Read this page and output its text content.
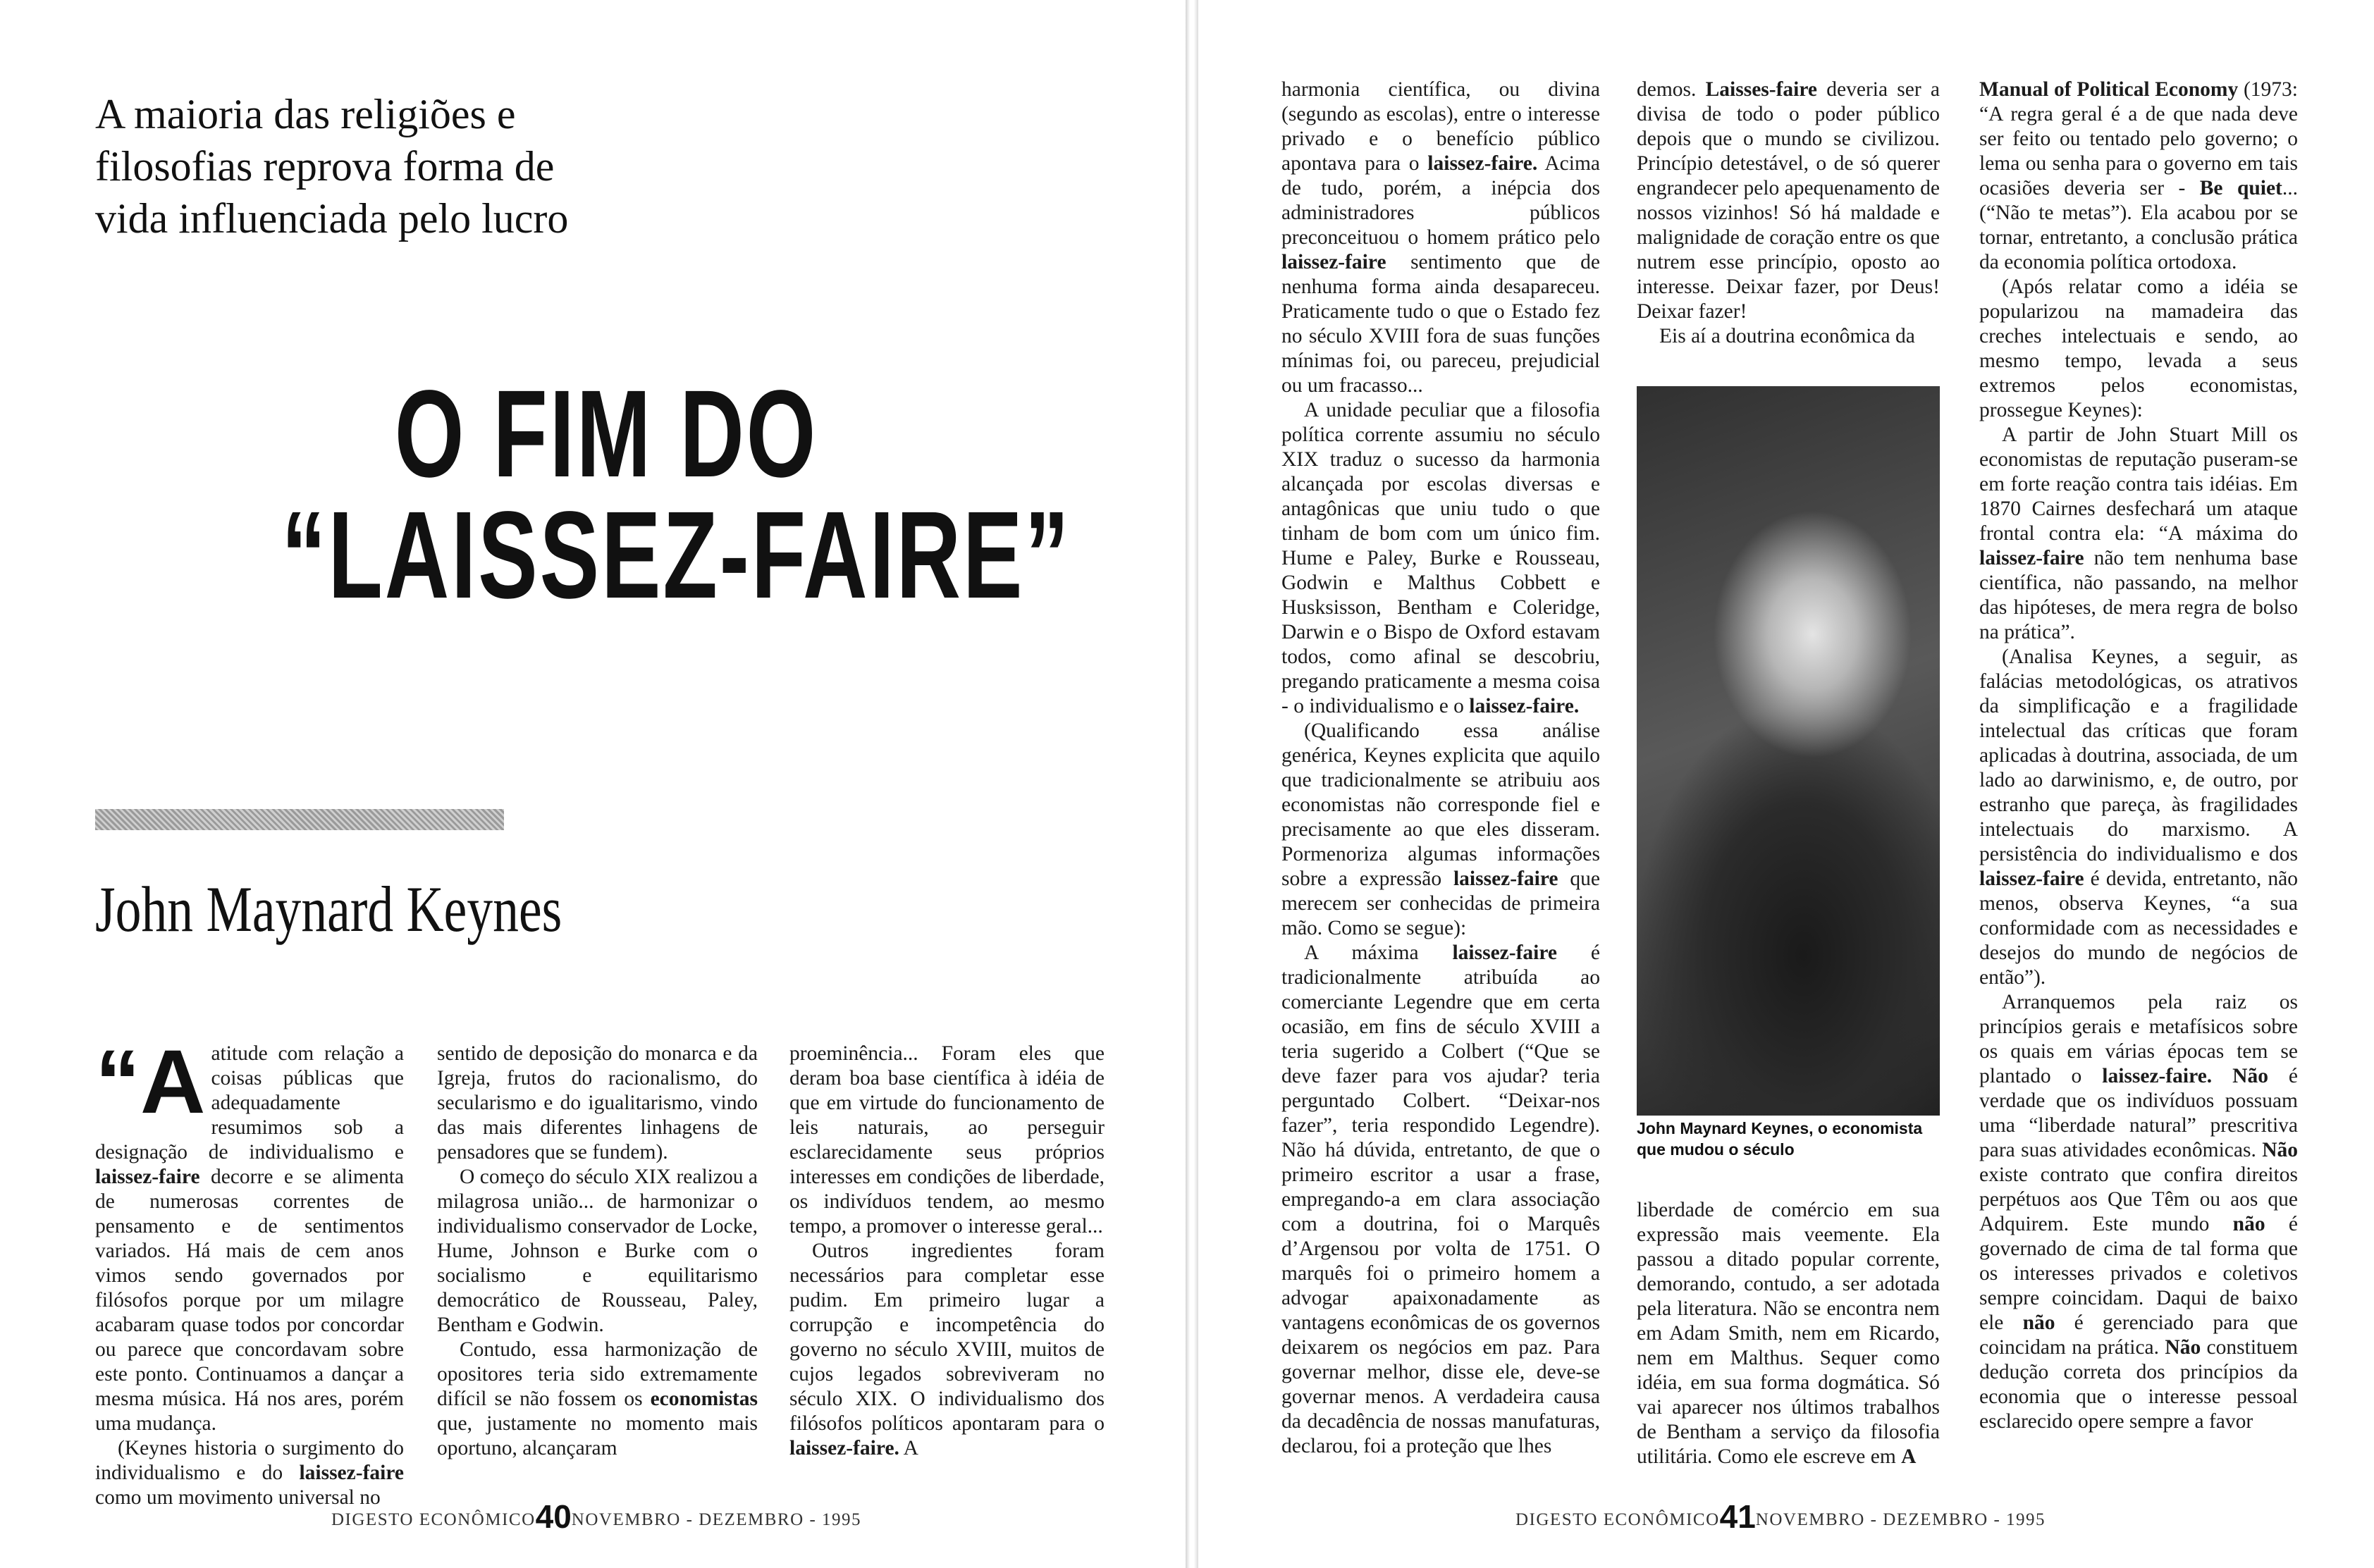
A maioria das religiões e filosofias reprova forma de vida influenciada pelo lucro
O FIM DO
“LAISSEZ-FAIRE”
John Maynard Keynes

“Aatitude com relação a coisas públicas que adequadamente resumimos sob a designação de individualismo e laissez-faire decorre e se alimenta de numerosas correntes de pensamento e de sentimentos variados. Há mais de cem anos vimos sendo governados por filósofos porque por um milagre acabaram quase todos por concordar ou parece que concordavam sobre este ponto. Continuamos a dançar a mesma música. Há nos ares, porém uma mudança.

(Keynes historia o surgimento do individualismo e do laissez-faire como um movimento universal no

sentido de deposição do monarca e da Igreja, frutos do racionalismo, do secularismo e do igualitarismo, vindo das mais diferentes linhagens de pensadores que se fundem).

O começo do século XIX realizou a milagrosa união... de harmonizar o individualismo conservador de Locke, Hume, Johnson e Burke com o socialismo e equilitarismo democrático de Rousseau, Paley, Bentham e Godwin.

Contudo, essa harmonização de opositores teria sido extremamente difícil se não fossem os economistas que, justamente no momento mais oportuno, alcançaram

proeminência... Foram eles que deram boa base científica à idéia de que em virtude do funcionamento de leis naturais, ao perseguir esclarecidamente seus próprios interesses em condições de liberdade, os indivíduos tendem, ao mesmo tempo, a promover o interesse geral...

Outros ingredientes foram necessários para completar esse pudim. Em primeiro lugar a corrupção e incompetência do governo no século XVIII, muitos de cujos legados sobreviveram no século XIX. O individualismo dos filósofos políticos apontaram para o laissez-faire. A

DIGESTO ECONÔMICO40NOVEMBRO - DEZEMBRO - 1995

harmonia científica, ou divina (segundo as escolas), entre o interesse privado e o benefício público apontava para o laissez-faire. Acima de tudo, porém, a inépcia dos administradores públicos preconceituou o homem prático pelo laissez-faire sentimento que de nenhuma forma ainda desapareceu. Praticamente tudo o que o Estado fez no século XVIII fora de suas funções mínimas foi, ou pareceu, prejudicial ou um fracasso...

A unidade peculiar que a filosofia política corrente assumiu no século XIX traduz o sucesso da harmonia alcançada por escolas diversas e antagônicas que uniu tudo o que tinham de bom com um único fim. Hume e Paley, Burke e Rousseau, Godwin e Malthus Cobbett e Husksisson, Bentham e Coleridge, Darwin e o Bispo de Oxford estavam todos, como afinal se descobriu, pregando praticamente a mesma coisa - o individualismo e o laissez-faire.

(Qualificando essa análise genérica, Keynes explicita que aquilo que tradicionalmente se atribuiu aos economistas não corresponde fiel e precisamente ao que eles disseram. Pormenoriza algumas informações sobre a expressão laissez-faire que merecem ser conhecidas de primeira mão. Como se segue):

A máxima laissez-faire é tradicionalmente atribuída ao comerciante Legendre que em certa ocasião, em fins de século XVIII a teria sugerido a Colbert (“Que se deve fazer para vos ajudar? teria perguntado Colbert. “Deixar-nos fazer”, teria respondido Legendre). Não há dúvida, entretanto, de que o primeiro escritor a usar a frase, empregando-a em clara associação com a doutrina, foi o Marquês d’Argensou por volta de 1751. O marquês foi o primeiro homem a advogar apaixonadamente as vantagens econômicas de os governos deixarem os negócios em paz. Para governar melhor, disse ele, deve-se governar menos. A verdadeira causa da decadência de nossas manufaturas, declarou, foi a proteção que lhes

demos. Laisses-faire deveria ser a divisa de todo o poder público depois que o mundo se civilizou. Princípio detestável, o de só querer engrandecer pelo apequenamento de nossos vizinhos! Só há maldade e malignidade de coração entre os que nutrem esse princípio, oposto ao interesse. Deixar fazer, por Deus! Deixar fazer!

Eis aí a doutrina econômica da

John Maynard Keynes, o economista que mudou o século

liberdade de comércio em sua expressão mais veemente. Ela passou a ditado popular corrente, demorando, contudo, a ser adotada pela literatura. Não se encontra nem em Adam Smith, nem em Ricardo, nem em Malthus. Sequer como idéia, em sua forma dogmática. Só vai aparecer nos últimos trabalhos de Bentham a serviço da filosofia utilitária. Como ele escreve em A

Manual of Political Economy (1973: “A regra geral é a de que nada deve ser feito ou tentado pelo governo; o lema ou senha para o governo em tais ocasiões deveria ser - Be quiet... (“Não te metas”). Ela acabou por se tornar, entretanto, a conclusão prática da economia política ortodoxa.

(Após relatar como a idéia se popularizou na mamadeira das creches intelectuais e sendo, ao mesmo tempo, levada a seus extremos pelos economistas, prossegue Keynes):

A partir de John Stuart Mill os economistas de reputação puseram-se em forte reação contra tais idéias. Em 1870 Cairnes desfechará um ataque frontal contra ela: “A máxima do laissez-faire não tem nenhuma base científica, não passando, na melhor das hipóteses, de mera regra de bolso na prática”.

(Analisa Keynes, a seguir, as falácias metodológicas, os atrativos da simplificação e a fragilidade intelectual das críticas que foram aplicadas à doutrina, associada, de um lado ao darwinismo, e, de outro, por estranho que pareça, às fragilidades intelectuais do marxismo. A persistência do individualismo e dos laissez-faire é devida, entretanto, não menos, observa Keynes, “a sua conformidade com as necessidades e desejos do mundo de negócios de então”).

Arranquemos pela raiz os princípios gerais e metafísicos sobre os quais em várias épocas tem se plantado o laissez-faire. Não é verdade que os indivíduos possuam uma “liberdade natural” prescritiva para suas atividades econômicas. Não existe contrato que confira direitos perpétuos aos Que Têm ou aos que Adquirem. Este mundo não é governado de cima de tal forma que os interesses privados e coletivos sempre coincidam. Daqui de baixo ele não é gerenciado para que coincidam na prática. Não constituem dedução correta dos princípios da economia que o interesse pessoal esclarecido opere sempre a favor

DIGESTO ECONÔMICO41NOVEMBRO - DEZEMBRO - 1995
